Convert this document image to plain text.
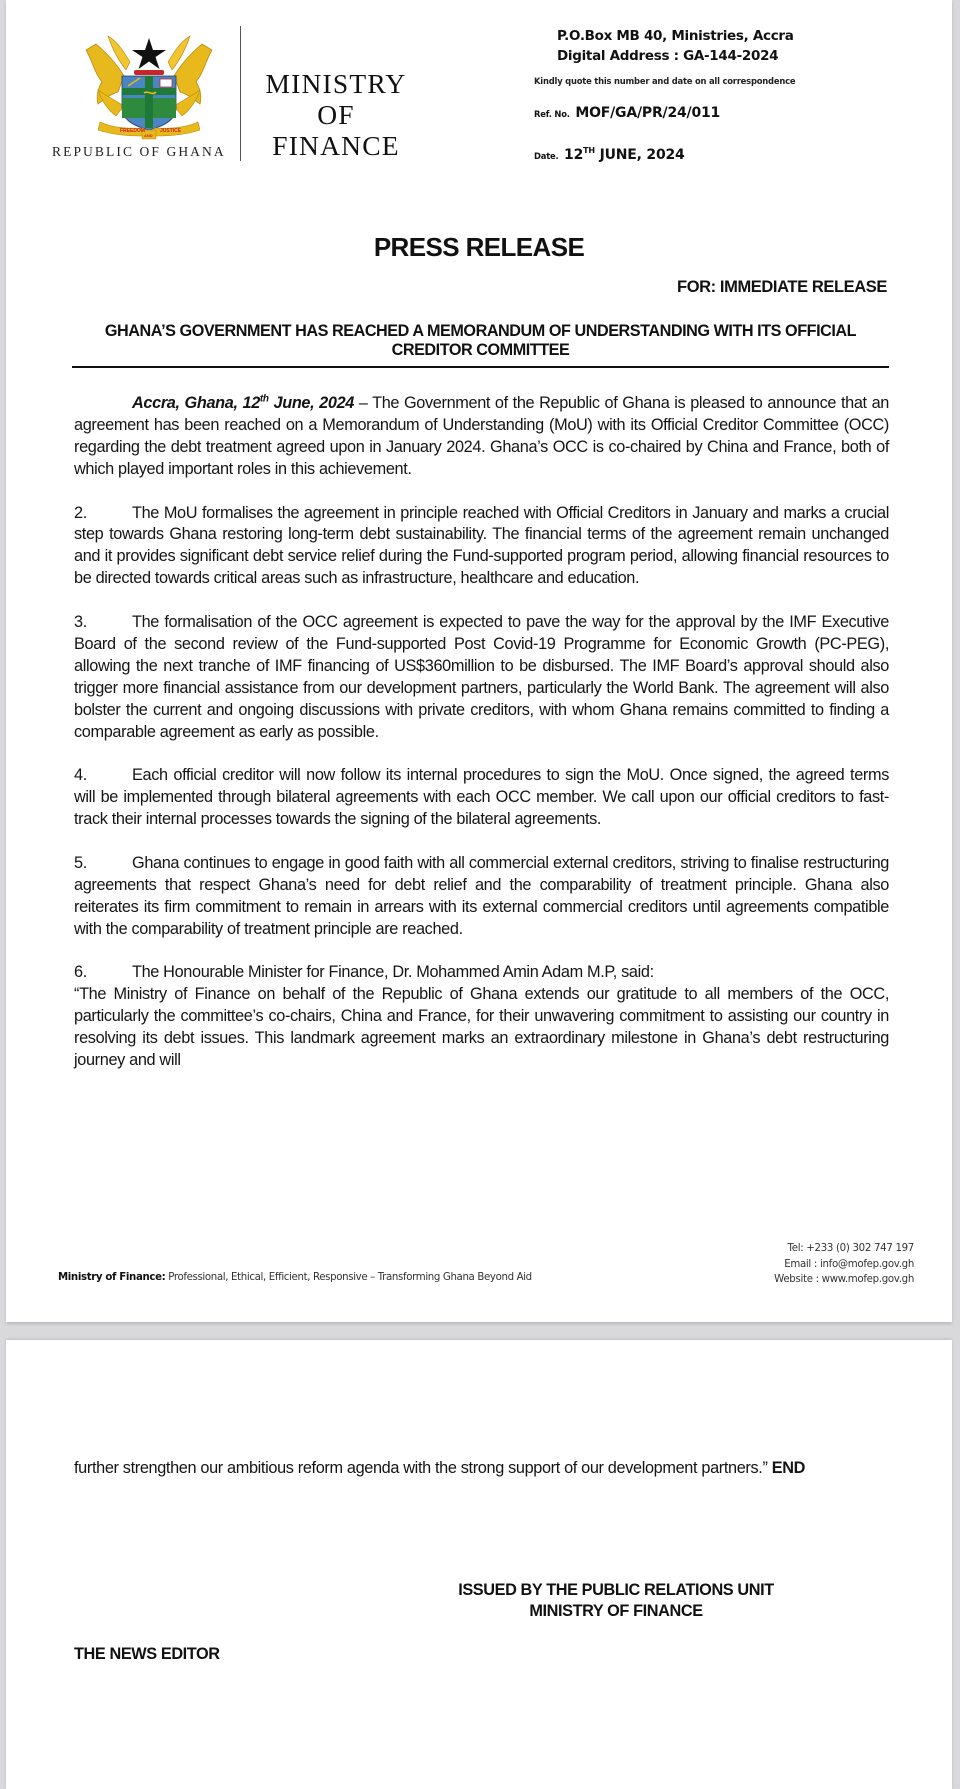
FREEDOM
AND
JUSTICE
REPUBLIC OF GHANA
MINISTRY
OF
FINANCE
P.O.Box MB 40, Ministries, Accra
Digital Address : GA-144-2024
Kindly quote this number and date on all correspondence
Ref. No. MOF/GA/PR/24/011
Date. 12TH JUNE, 2024
PRESS RELEASE
FOR: IMMEDIATE RELEASE
GHANA’S GOVERNMENT HAS REACHED A MEMORANDUM OF UNDERSTANDING WITH ITS OFFICIAL CREDITOR COMMITTEE

Accra, Ghana, 12th June, 2024 – The Government of the Republic of Ghana is pleased to announce that an agreement has been reached on a Memorandum of Understanding (MoU) with its Official Creditor Committee (OCC) regarding the debt treatment agreed upon in January 2024. Ghana’s OCC is co-chaired by China and France, both of which played important roles in this achievement.

2.	The MoU formalises the agreement in principle reached with Official Creditors in January and marks a crucial step towards Ghana restoring long-term debt sustainability. The financial terms of the agreement remain unchanged and it provides significant debt service relief during the Fund-supported program period, allowing financial resources to be directed towards critical areas such as infrastructure, healthcare and education.

3.	The formalisation of the OCC agreement is expected to pave the way for the approval by the IMF Executive Board of the second review of the Fund-supported Post Covid-19 Programme for Economic Growth (PC-PEG), allowing the next tranche of IMF financing of US$360million to be disbursed. The IMF Board’s approval should also trigger more financial assistance from our development partners, particularly the World Bank. The agreement will also bolster the current and ongoing discussions with private creditors, with whom Ghana remains committed to finding a comparable agreement as early as possible.

4.	Each official creditor will now follow its internal procedures to sign the MoU. Once signed, the agreed terms will be implemented through bilateral agreements with each OCC member. We call upon our official creditors to fast-track their internal processes towards the signing of the bilateral agreements.

5.	Ghana continues to engage in good faith with all commercial external creditors, striving to finalise restructuring agreements that respect Ghana’s need for debt relief and the comparability of treatment principle. Ghana also reiterates its firm commitment to remain in arrears with its external commercial creditors until agreements compatible with the comparability of treatment principle are reached.

6.	The Honourable Minister for Finance, Dr. Mohammed Amin Adam M.P, said:

“The Ministry of Finance on behalf of the Republic of Ghana extends our gratitude to all members of the OCC, particularly the committee’s co-chairs, China and France, for their unwavering commitment to assisting our country in resolving its debt issues. This landmark agreement marks an extraordinary milestone in Ghana’s debt restructuring journey and will

Ministry of Finance: Professional, Ethical, Efficient, Responsive – Transforming Ghana Beyond Aid
Tel: +233 (0) 302 747 197
Email : info@mofep.gov.gh
Website : www.mofep.gov.gh

further strengthen our ambitious reform agenda with the strong support of our development partners.” END

ISSUED BY THE PUBLIC RELATIONS UNIT
MINISTRY OF FINANCE
THE NEWS EDITOR
